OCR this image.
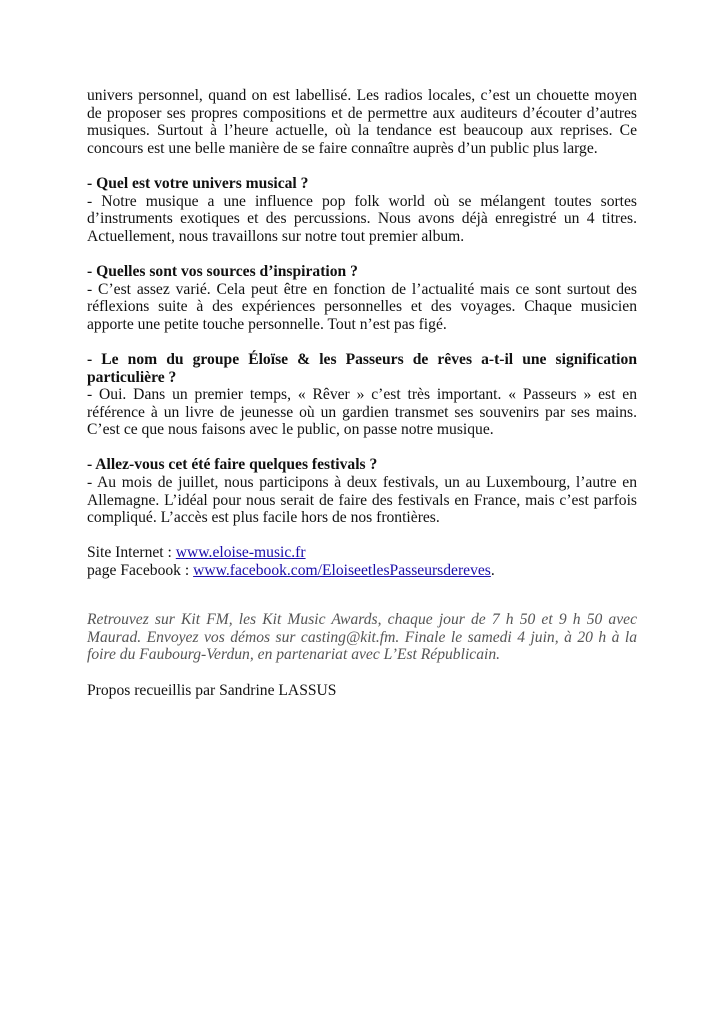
univers personnel, quand on est labellisé. Les radios locales, c’est un chouette moyen de proposer ses propres compositions et de permettre aux auditeurs d’écouter d’autres musiques. Surtout à l’heure actuelle, où la tendance est beaucoup aux reprises. Ce concours est une belle manière de se faire connaître auprès d’un public plus large.

- Quel est votre univers musical ?

- Notre musique a une influence pop folk world où se mélangent toutes sortes d’instruments exotiques et des percussions. Nous avons déjà enregistré un 4 titres. Actuellement, nous travaillons sur notre tout premier album.

- Quelles sont vos sources d’inspiration ?

- C’est assez varié. Cela peut être en fonction de l’actualité mais ce sont surtout des réflexions suite à des expériences personnelles et des voyages. Chaque musicien apporte une petite touche personnelle. Tout n’est pas figé.

- Le nom du groupe Éloïse & les Passeurs de rêves a-t-il une signification particulière ?

- Oui. Dans un premier temps, « Rêver » c’est très important. « Passeurs » est en référence à un livre de jeunesse où un gardien transmet ses souvenirs par ses mains. C’est ce que nous faisons avec le public, on passe notre musique.

- Allez-vous cet été faire quelques festivals ?

- Au mois de juillet, nous participons à deux festivals, un au Luxembourg, l’autre en Allemagne. L’idéal pour nous serait de faire des festivals en France, mais c’est parfois compliqué. L’accès est plus facile hors de nos frontières.

Site Internet : www.eloise-music.fr

page Facebook : www.facebook.com/EloiseetlesPasseursdereves.

Retrouvez sur Kit FM, les Kit Music Awards, chaque jour de 7 h 50 et 9 h 50 avec Maurad. Envoyez vos démos sur casting@kit.fm. Finale le samedi 4 juin, à 20 h à la foire du Faubourg-Verdun, en partenariat avec L’Est Républicain.

Propos recueillis par Sandrine LASSUS
